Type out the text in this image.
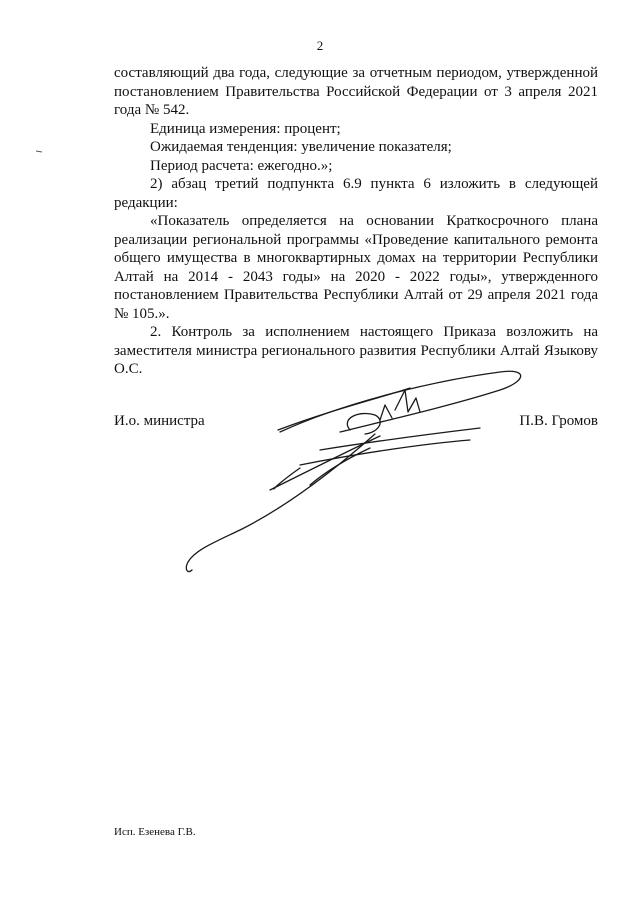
2

составляющий два года, следующие за отчетным периодом, утвержденной постановлением Правительства Российской Федерации от 3 апреля 2021 года № 542.

Единица измерения: процент;

Ожидаемая тенденция: увеличение показателя;

Период расчета: ежегодно.»;

2) абзац третий подпункта 6.9 пункта 6 изложить в следующей редакции:

«Показатель определяется на основании Краткосрочного плана реализации региональной программы «Проведение капитального ремонта общего имущества в многоквартирных домах на территории Республики Алтай на 2014 - 2043 годы» на 2020 - 2022 годы», утвержденного постановлением Правительства Республики Алтай от 29 апреля 2021 года № 105.».

2. Контроль за исполнением настоящего Приказа возложить на заместителя министра регионального развития Республики Алтай Языкову О.С.

И.о. министра	П.В. Громов
Исп. Езенева Г.В.
